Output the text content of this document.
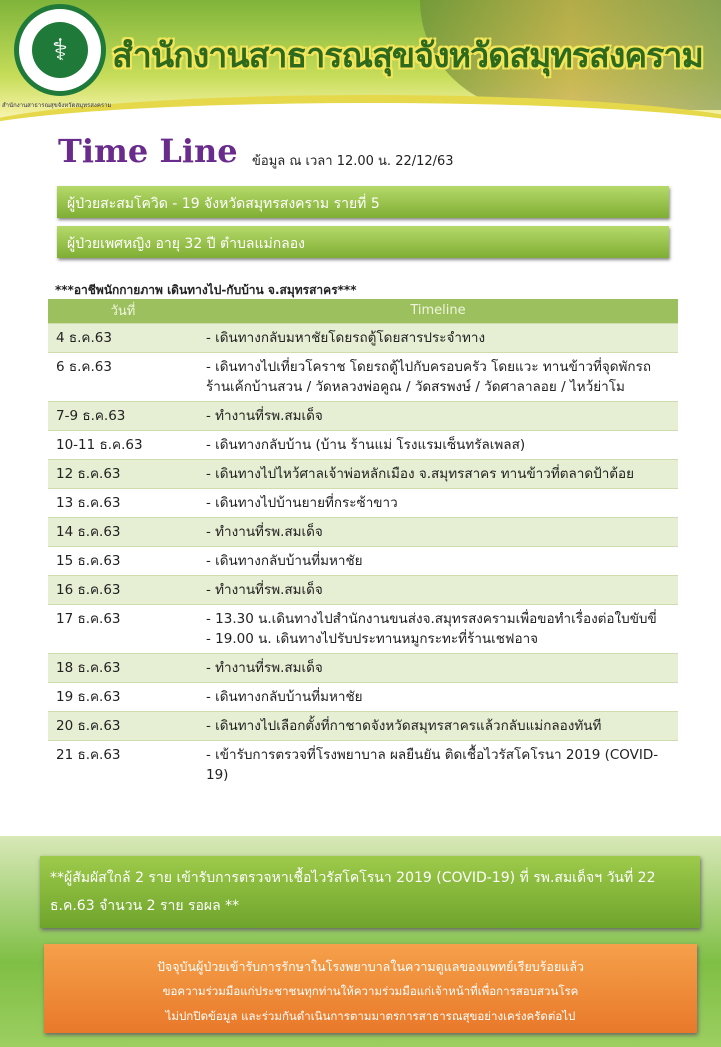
⚕
สำนักงานสาธารณสุขจังหวัดสมุทรสงคราม
สำนักงานสาธารณสุขจังหวัดสมุทรสงคราม
Time Line ข้อมูล ณ เวลา 12.00 น. 22/12/63
ผู้ป่วยสะสมโควิด - 19 จังหวัดสมุทรสงคราม รายที่ 5
ผู้ป่วยเพศหญิง อายุ 32 ปี ตำบลแม่กลอง
***อาชีพนักกายภาพ เดินทางไป-กับบ้าน จ.สมุทรสาคร***
วันที่	Timeline
4 ธ.ค.63	- เดินทางกลับมหาชัยโดยรถตู้โดยสารประจำทาง

6 ธ.ค.63	- เดินทางไปเที่ยวโคราช โดยรถตู้ไปกับครอบครัว โดยแวะ ทานข้าวที่จุดพักรถร้านเค้กบ้านสวน / วัดหลวงพ่อคูณ / วัดสรพงษ์ / วัดศาลาลอย / ไหว้ย่าโม

7-9 ธ.ค.63	- ทำงานที่รพ.สมเด็จ

10-11 ธ.ค.63	- เดินทางกลับบ้าน (บ้าน ร้านแม่ โรงแรมเซ็นทรัลเพลส)

12 ธ.ค.63	- เดินทางไปไหว้ศาลเจ้าพ่อหลักเมือง จ.สมุทรสาคร ทานข้าวที่ตลาดป้าต้อย

13 ธ.ค.63	- เดินทางไปบ้านยายที่กระซ้าขาว

14 ธ.ค.63	- ทำงานที่รพ.สมเด็จ

15 ธ.ค.63	- เดินทางกลับบ้านที่มหาชัย

16 ธ.ค.63	- ทำงานที่รพ.สมเด็จ

17 ธ.ค.63	- 13.30 น.เดินทางไปสำนักงานขนส่งจ.สมุทรสงครามเพื่อขอทำเรื่องต่อใบขับขี่
- 19.00 น. เดินทางไปรับประทานหมูกระทะที่ร้านเชฟอาจ

18 ธ.ค.63	- ทำงานที่รพ.สมเด็จ

19 ธ.ค.63	- เดินทางกลับบ้านที่มหาชัย

20 ธ.ค.63	- เดินทางไปเลือกตั้งที่กาชาดจังหวัดสมุทรสาครแล้วกลับแม่กลองทันที

21 ธ.ค.63	- เข้ารับการตรวจที่โรงพยาบาล ผลยืนยัน ติดเชื้อไวรัสโคโรนา 2019 (COVID-19)
**ผู้สัมผัสใกล้ 2 ราย เข้ารับการตรวจหาเชื้อไวรัสโคโรนา 2019 (COVID-19) ที่ รพ.สมเด็จฯ วันที่ 22 ธ.ค.63 จำนวน 2 ราย รอผล **
ปัจจุบันผู้ป่วยเข้ารับการรักษาในโรงพยาบาลในความดูแลของแพทย์เรียบร้อยแล้ว
ขอความร่วมมือแก่ประชาชนทุกท่านให้ความร่วมมือแก่เจ้าหน้าที่เพื่อการสอบสวนโรค
ไม่ปกปิดข้อมูล และร่วมกันดำเนินการตามมาตรการสาธารณสุขอย่างเคร่งครัดต่อไป
